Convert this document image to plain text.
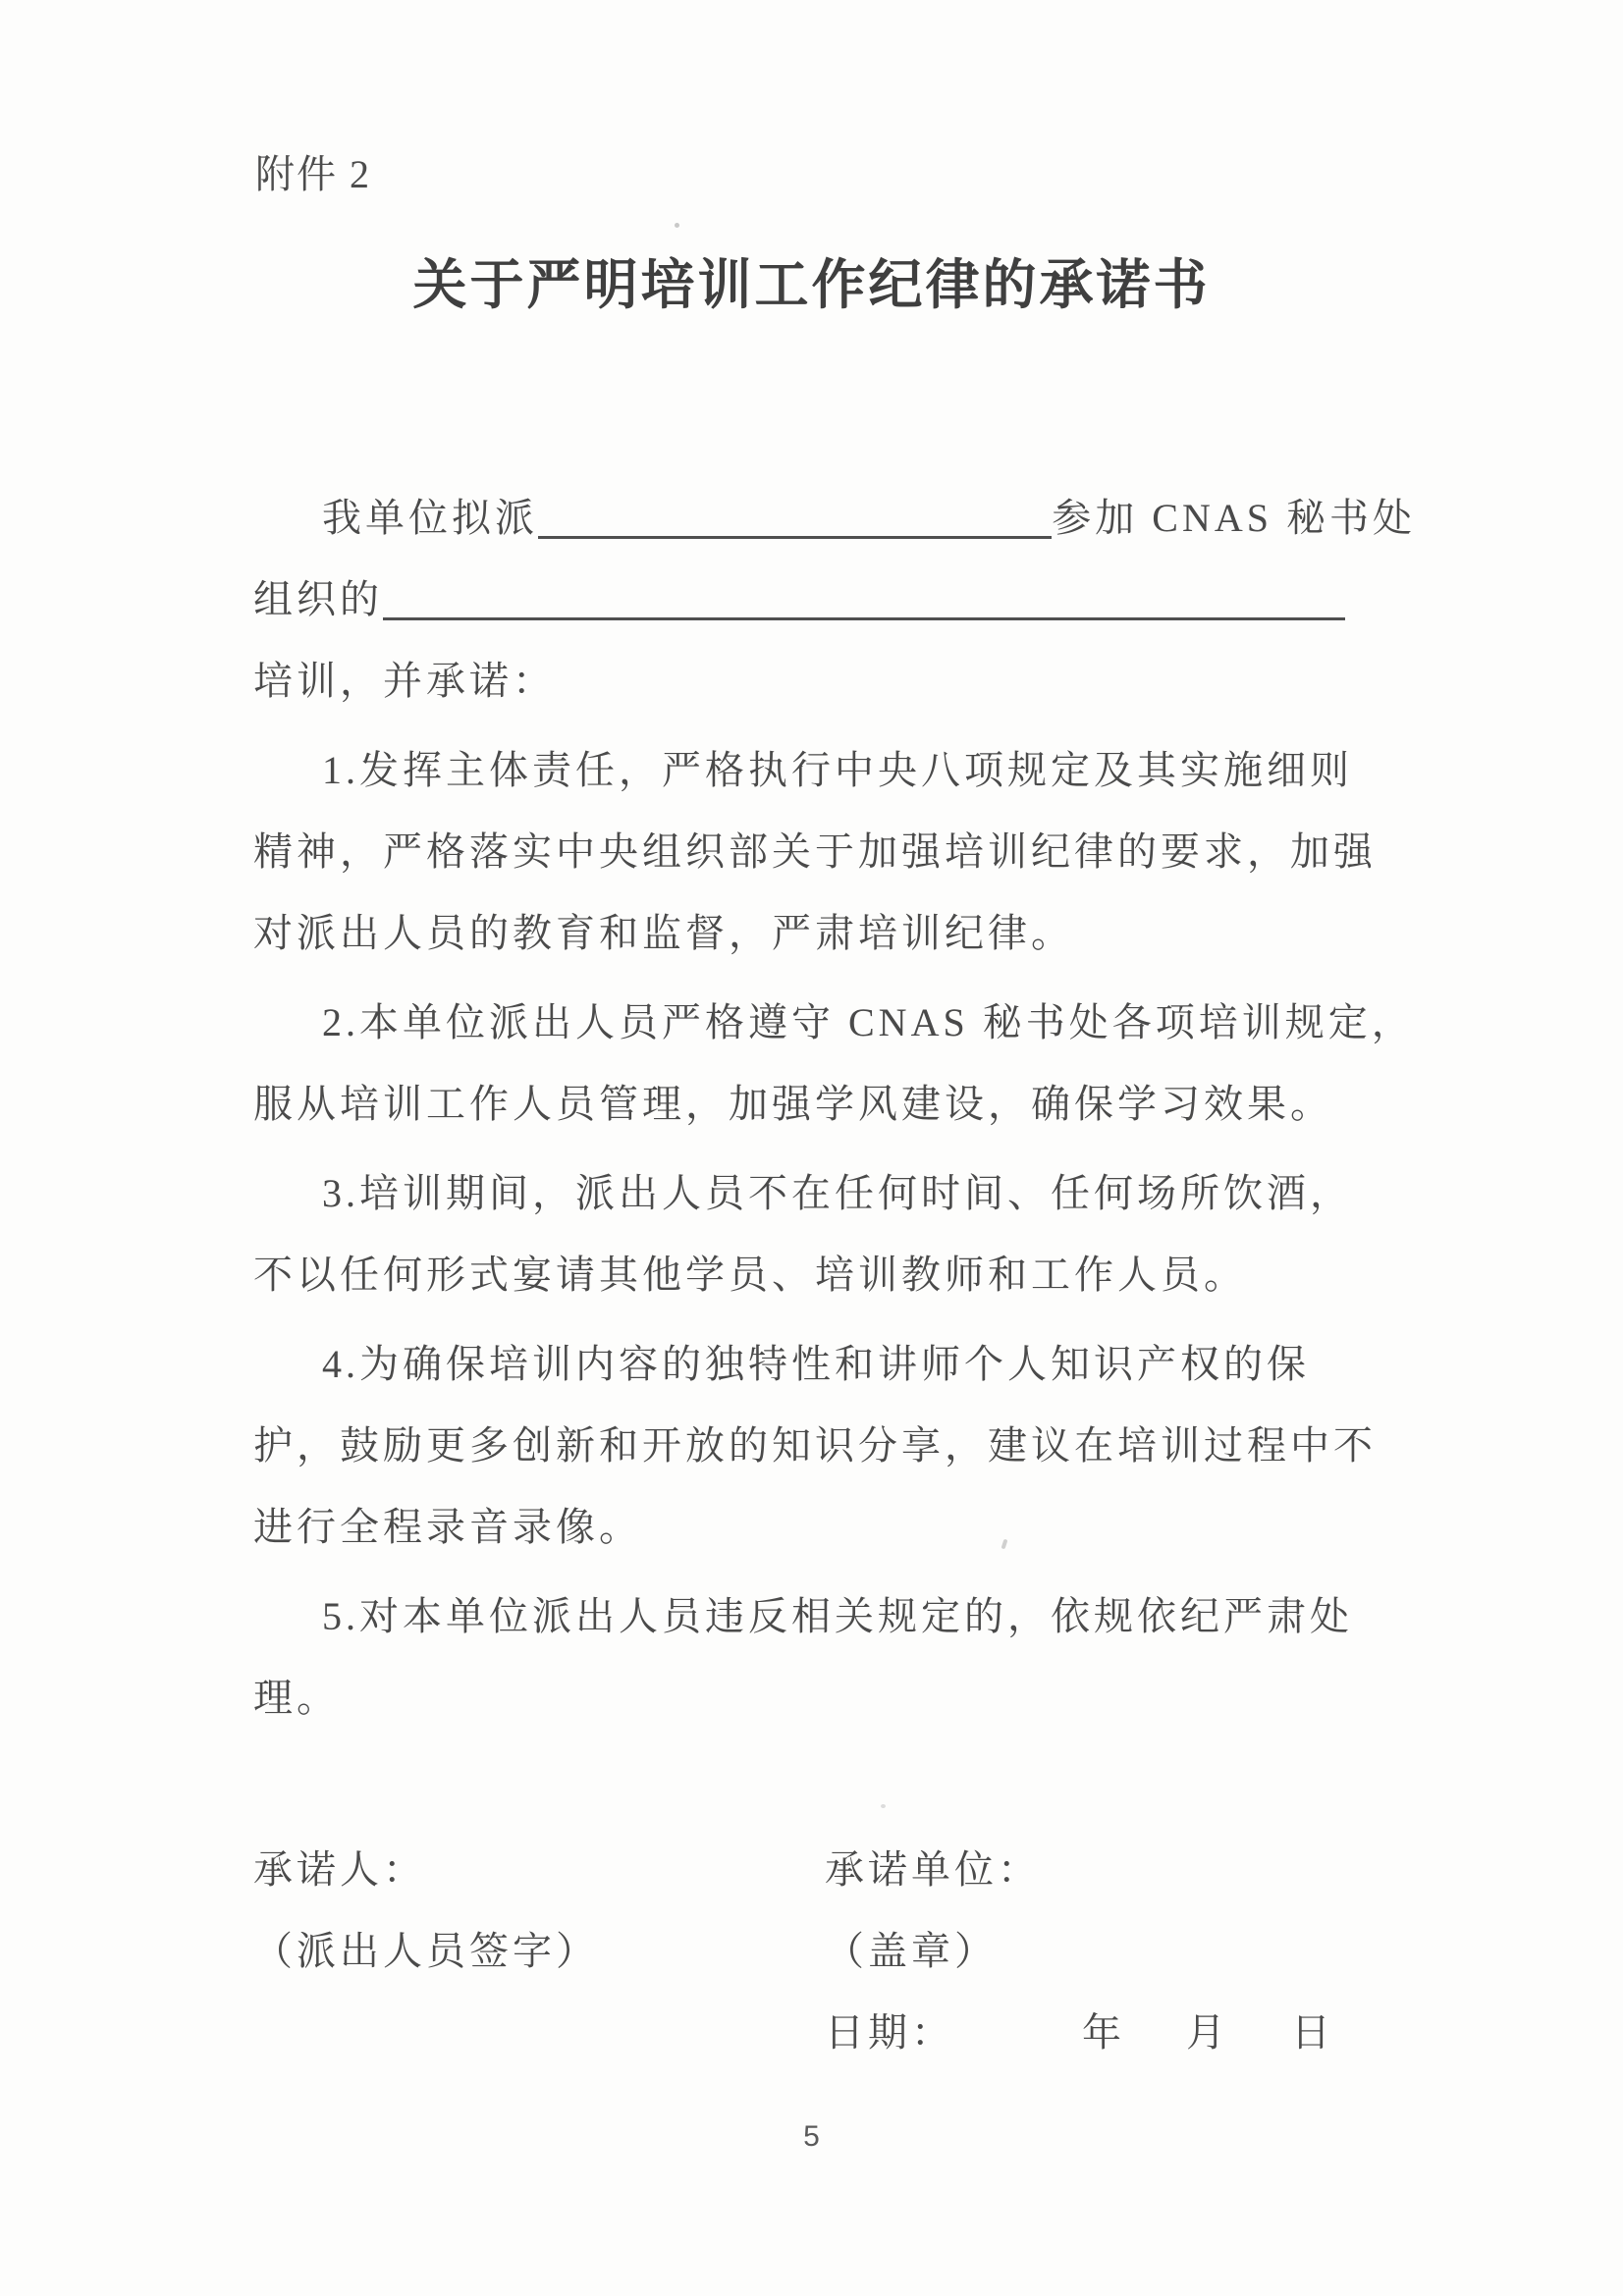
附件 2
关于严明培训工作纪律的承诺书
我单位拟派	参加 CNAS 秘书处
组织的
培训，并承诺：
1.发挥主体责任，严格执行中央八项规定及其实施细则
精神，严格落实中央组织部关于加强培训纪律的要求，加强
对派出人员的教育和监督，严肃培训纪律。
2.本单位派出人员严格遵守 CNAS 秘书处各项培训规定，
服从培训工作人员管理，加强学风建设，确保学习效果。
3.培训期间，派出人员不在任何时间、任何场所饮酒，
不以任何形式宴请其他学员、培训教师和工作人员。
4.为确保培训内容的独特性和讲师个人知识产权的保
护，鼓励更多创新和开放的知识分享，建议在培训过程中不
进行全程录音录像。
5.对本单位派出人员违反相关规定的，依规依纪严肃处
理。
承诺人：
（派出人员签字）
承诺单位：
（盖章）
日期：	年 月 日
5
